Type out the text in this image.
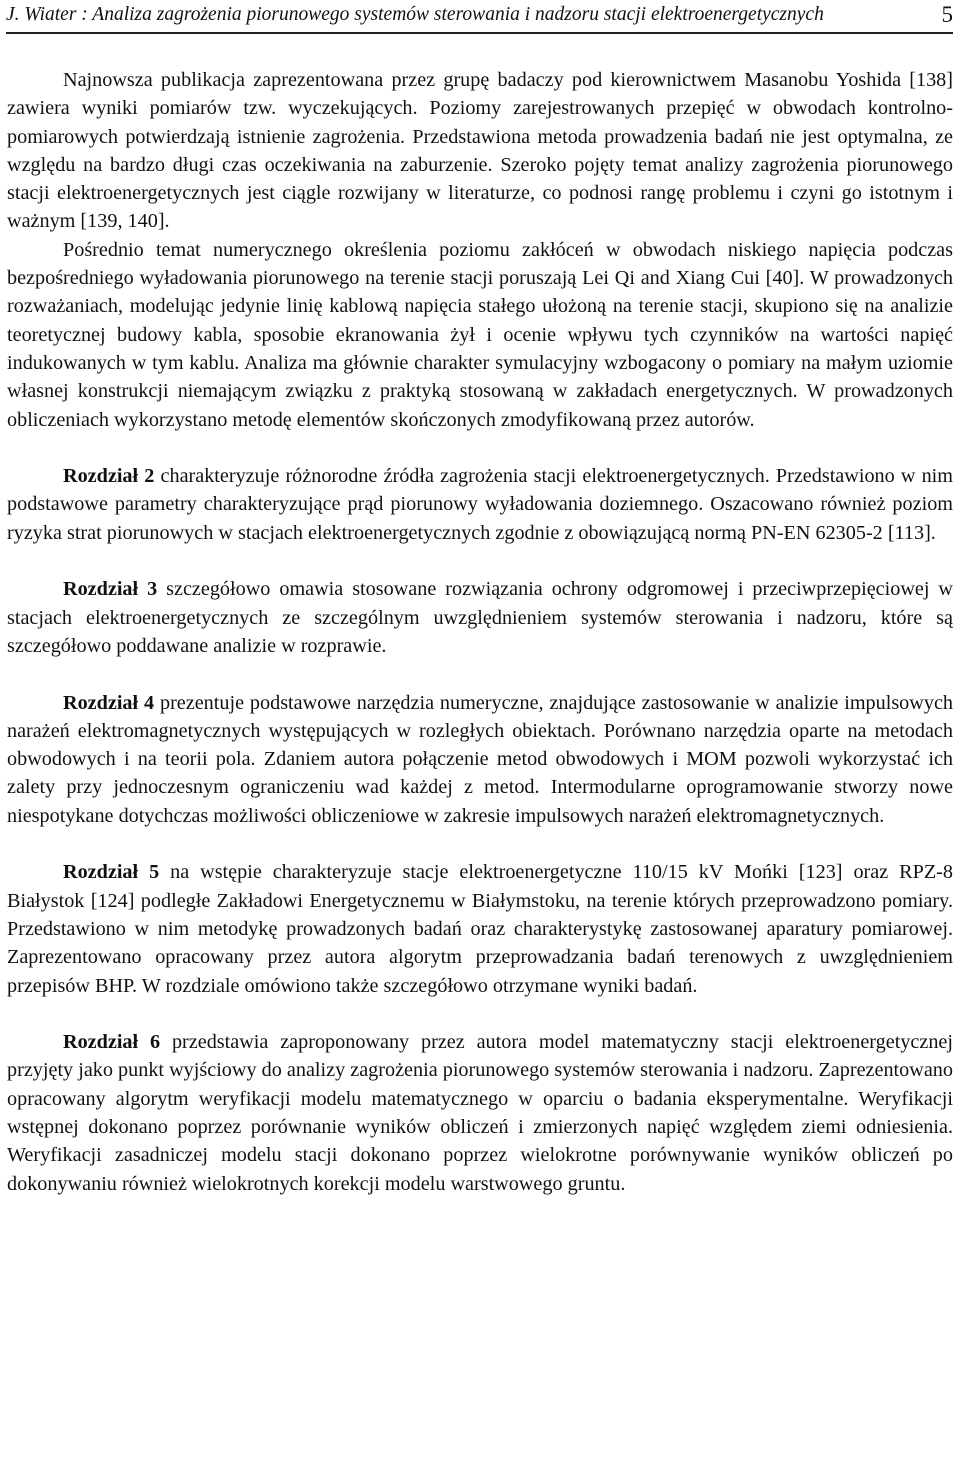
J. Wiater : Analiza zagrożenia piorunowego systemów sterowania i nadzoru stacji elektroenergetycznych	5

Najnowsza publikacja zaprezentowana przez grupę badaczy pod kierownictwem Masanobu Yoshida [138] zawiera wyniki pomiarów tzw. wyczekujących. Poziomy zarejestrowanych przepięć w obwodach kontrolno-pomiarowych potwierdzają istnienie zagrożenia. Przedstawiona metoda prowadzenia badań nie jest optymalna, ze względu na bardzo długi czas oczekiwania na zaburzenie. Szeroko pojęty temat analizy zagrożenia piorunowego stacji elektroenergetycznych jest ciągle rozwijany w literaturze, co podnosi rangę problemu i czyni go istotnym i ważnym [139, 140].

Pośrednio temat numerycznego określenia poziomu zakłóceń w obwodach niskiego napięcia podczas bezpośredniego wyładowania piorunowego na terenie stacji poruszają Lei Qi and Xiang Cui [40]. W prowadzonych rozważaniach, modelując jedynie linię kablową napięcia stałego ułożoną na terenie stacji, skupiono się na analizie teoretycznej budowy kabla, sposobie ekranowania żył i ocenie wpływu tych czynników na wartości napięć indukowanych w tym kablu. Analiza ma głównie charakter symulacyjny wzbogacony o pomiary na małym uziomie własnej konstrukcji niemającym związku z praktyką stosowaną w zakładach energetycznych. W prowadzonych obliczeniach wykorzystano metodę elementów skończonych zmodyfikowaną przez autorów.

Rozdział 2 charakteryzuje różnorodne źródła zagrożenia stacji elektroenergetycznych. Przedstawiono w nim podstawowe parametry charakteryzujące prąd piorunowy wyładowania doziemnego. Oszacowano również poziom ryzyka strat piorunowych w stacjach elektroenergetycznych zgodnie z obowiązującą normą PN-EN 62305-2 [113].

Rozdział 3 szczegółowo omawia stosowane rozwiązania ochrony odgromowej i przeciwprzepięciowej w stacjach elektroenergetycznych ze szczególnym uwzględnieniem systemów sterowania i nadzoru, które są szczegółowo poddawane analizie w rozprawie.

Rozdział 4 prezentuje podstawowe narzędzia numeryczne, znajdujące zastosowanie w analizie impulsowych narażeń elektromagnetycznych występujących w rozległych obiektach. Porównano narzędzia oparte na metodach obwodowych i na teorii pola. Zdaniem autora połączenie metod obwodowych i MOM pozwoli wykorzystać ich zalety przy jednoczesnym ograniczeniu wad każdej z metod. Intermodularne oprogramowanie stworzy nowe niespotykane dotychczas możliwości obliczeniowe w zakresie impulsowych narażeń elektromagnetycznych.

Rozdział 5 na wstępie charakteryzuje stacje elektroenergetyczne 110/15 kV Mońki [123] oraz RPZ-8 Białystok [124] podległe Zakładowi Energetycznemu w Białymstoku, na terenie których przeprowadzono pomiary. Przedstawiono w nim metodykę prowadzonych badań oraz charakterystykę zastosowanej aparatury pomiarowej. Zaprezentowano opracowany przez autora algorytm przeprowadzania badań terenowych z uwzględnieniem przepisów BHP. W rozdziale omówiono także szczegółowo otrzymane wyniki badań.

Rozdział 6 przedstawia zaproponowany przez autora model matematyczny stacji elektroenergetycznej przyjęty jako punkt wyjściowy do analizy zagrożenia piorunowego systemów sterowania i nadzoru. Zaprezentowano opracowany algorytm weryfikacji modelu matematycznego w oparciu o badania eksperymentalne. Weryfikacji wstępnej dokonano poprzez porównanie wyników obliczeń i zmierzonych napięć względem ziemi odniesienia. Weryfikacji zasadniczej modelu stacji dokonano poprzez wielokrotne porównywanie wyników obliczeń po dokonywaniu również wielokrotnych korekcji modelu warstwowego gruntu.
